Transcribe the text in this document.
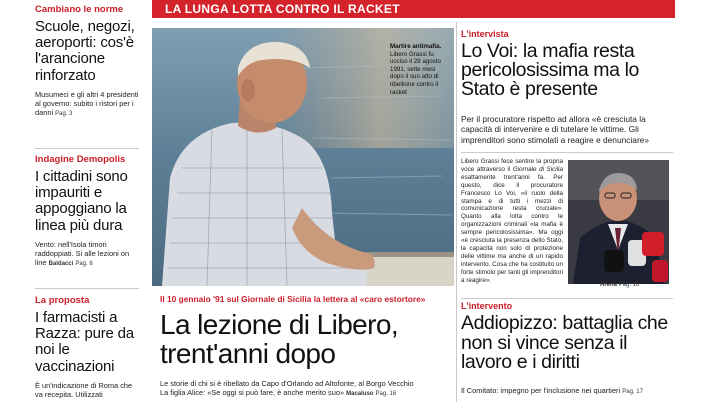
Cambiano le norme
Scuole, negozi, aeroporti: cos'è l'arancione rinforzato
Musumeci e gli altri 4 presidenti al governo: subito i ristori per i danni Pag. 3
Indagine Demopolis
I cittadini sono impauriti e appoggiano la linea più dura
Vento: nell'Isola timori raddoppiati. Si alle lezioni on line Baldacci Pag. 6
La proposta
I farmacisti a Razza: pure da noi le vaccinazioni
È un'indicazione di Roma che va recepita. Utilizzati
LA LUNGA LOTTA CONTRO IL RACKET
Martire antimafia. Libero Grassi fu ucciso il 29 agosto 1991, sette mesi dopo il suo atto di ribellione contro il racket
Il 10 gennaio '91 sul Giornale di Sicilia la lettera al «caro estortore»
La lezione di Libero,
trent'anni dopo
Le storie di chi si è ribellato da Capo d'Orlando ad Altofonte, al Borgo Vecchio
La figlia Alice: «Se oggi si può fare, è anche merito suo» Macaluso Pag. 16
L'intervista
Lo Voi: la mafia resta pericolosissima ma lo Stato è presente
Per il procuratore rispetto ad allora «è cresciuta la capacità di intervenire e di tutelare le vittime. Gli imprenditori sono stimolati a reagire e denunciare»
Libero Grassi fece sentire la propria voce attraverso il Giornale di Sicilia esattamente trent'anni fa. Per questo, dice il procuratore Francesco Lo Voi, «il ruolo della stampa e di tutti i mezzi di comunicazione resta cruciale». Quanto alla lotta contro le organizzazioni criminali «la mafia è sempre pericolosissima». Ma oggi «è cresciuta la presenza dello Stato, la capacità non solo di protezione delle vittime ma anche di un rapido intervento. Cosa che ha costituito un forte stimolo per tanti gli imprenditori a reagire».
Arena Pag. 16
L'intervento
Addiopizzo: battaglia che non si vince senza il lavoro e i diritti
Il Comitato: impegno per l'inclusione nei quartieri Pag. 17
